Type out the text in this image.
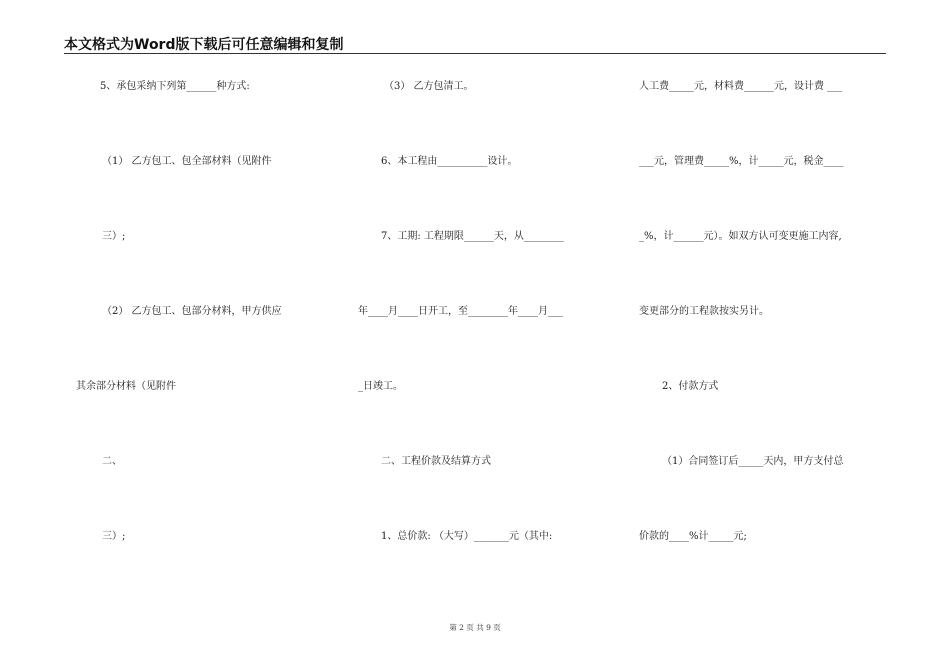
本文格式为Word版下载后可任意编辑和复制
5、承包采纳下列第______种方式:
（1） 乙方包工、包全部材料（见附件
三）;
（2） 乙方包工、包部分材料，甲方供应
其余部分材料（见附件
二、
三）;
（3） 乙方包清工。
6、本工程由__________设计。
7、工期: 工程期限______天，从________
年____月____日开工，至________年____月___
_日竣工。
二、工程价款及结算方式
1、总价款: （大写）_______元（其中:
人工费_____元，材料费______元，设计费 ___
___元，管理费_____%，计_____元，税金____
_%，计______元）。如双方认可变更施工内容,
变更部分的工程款按实另计。
2、付款方式
（1）合同签订后_____天内，甲方支付总
价款的____%计_____元;
第 2 页 共 9 页
